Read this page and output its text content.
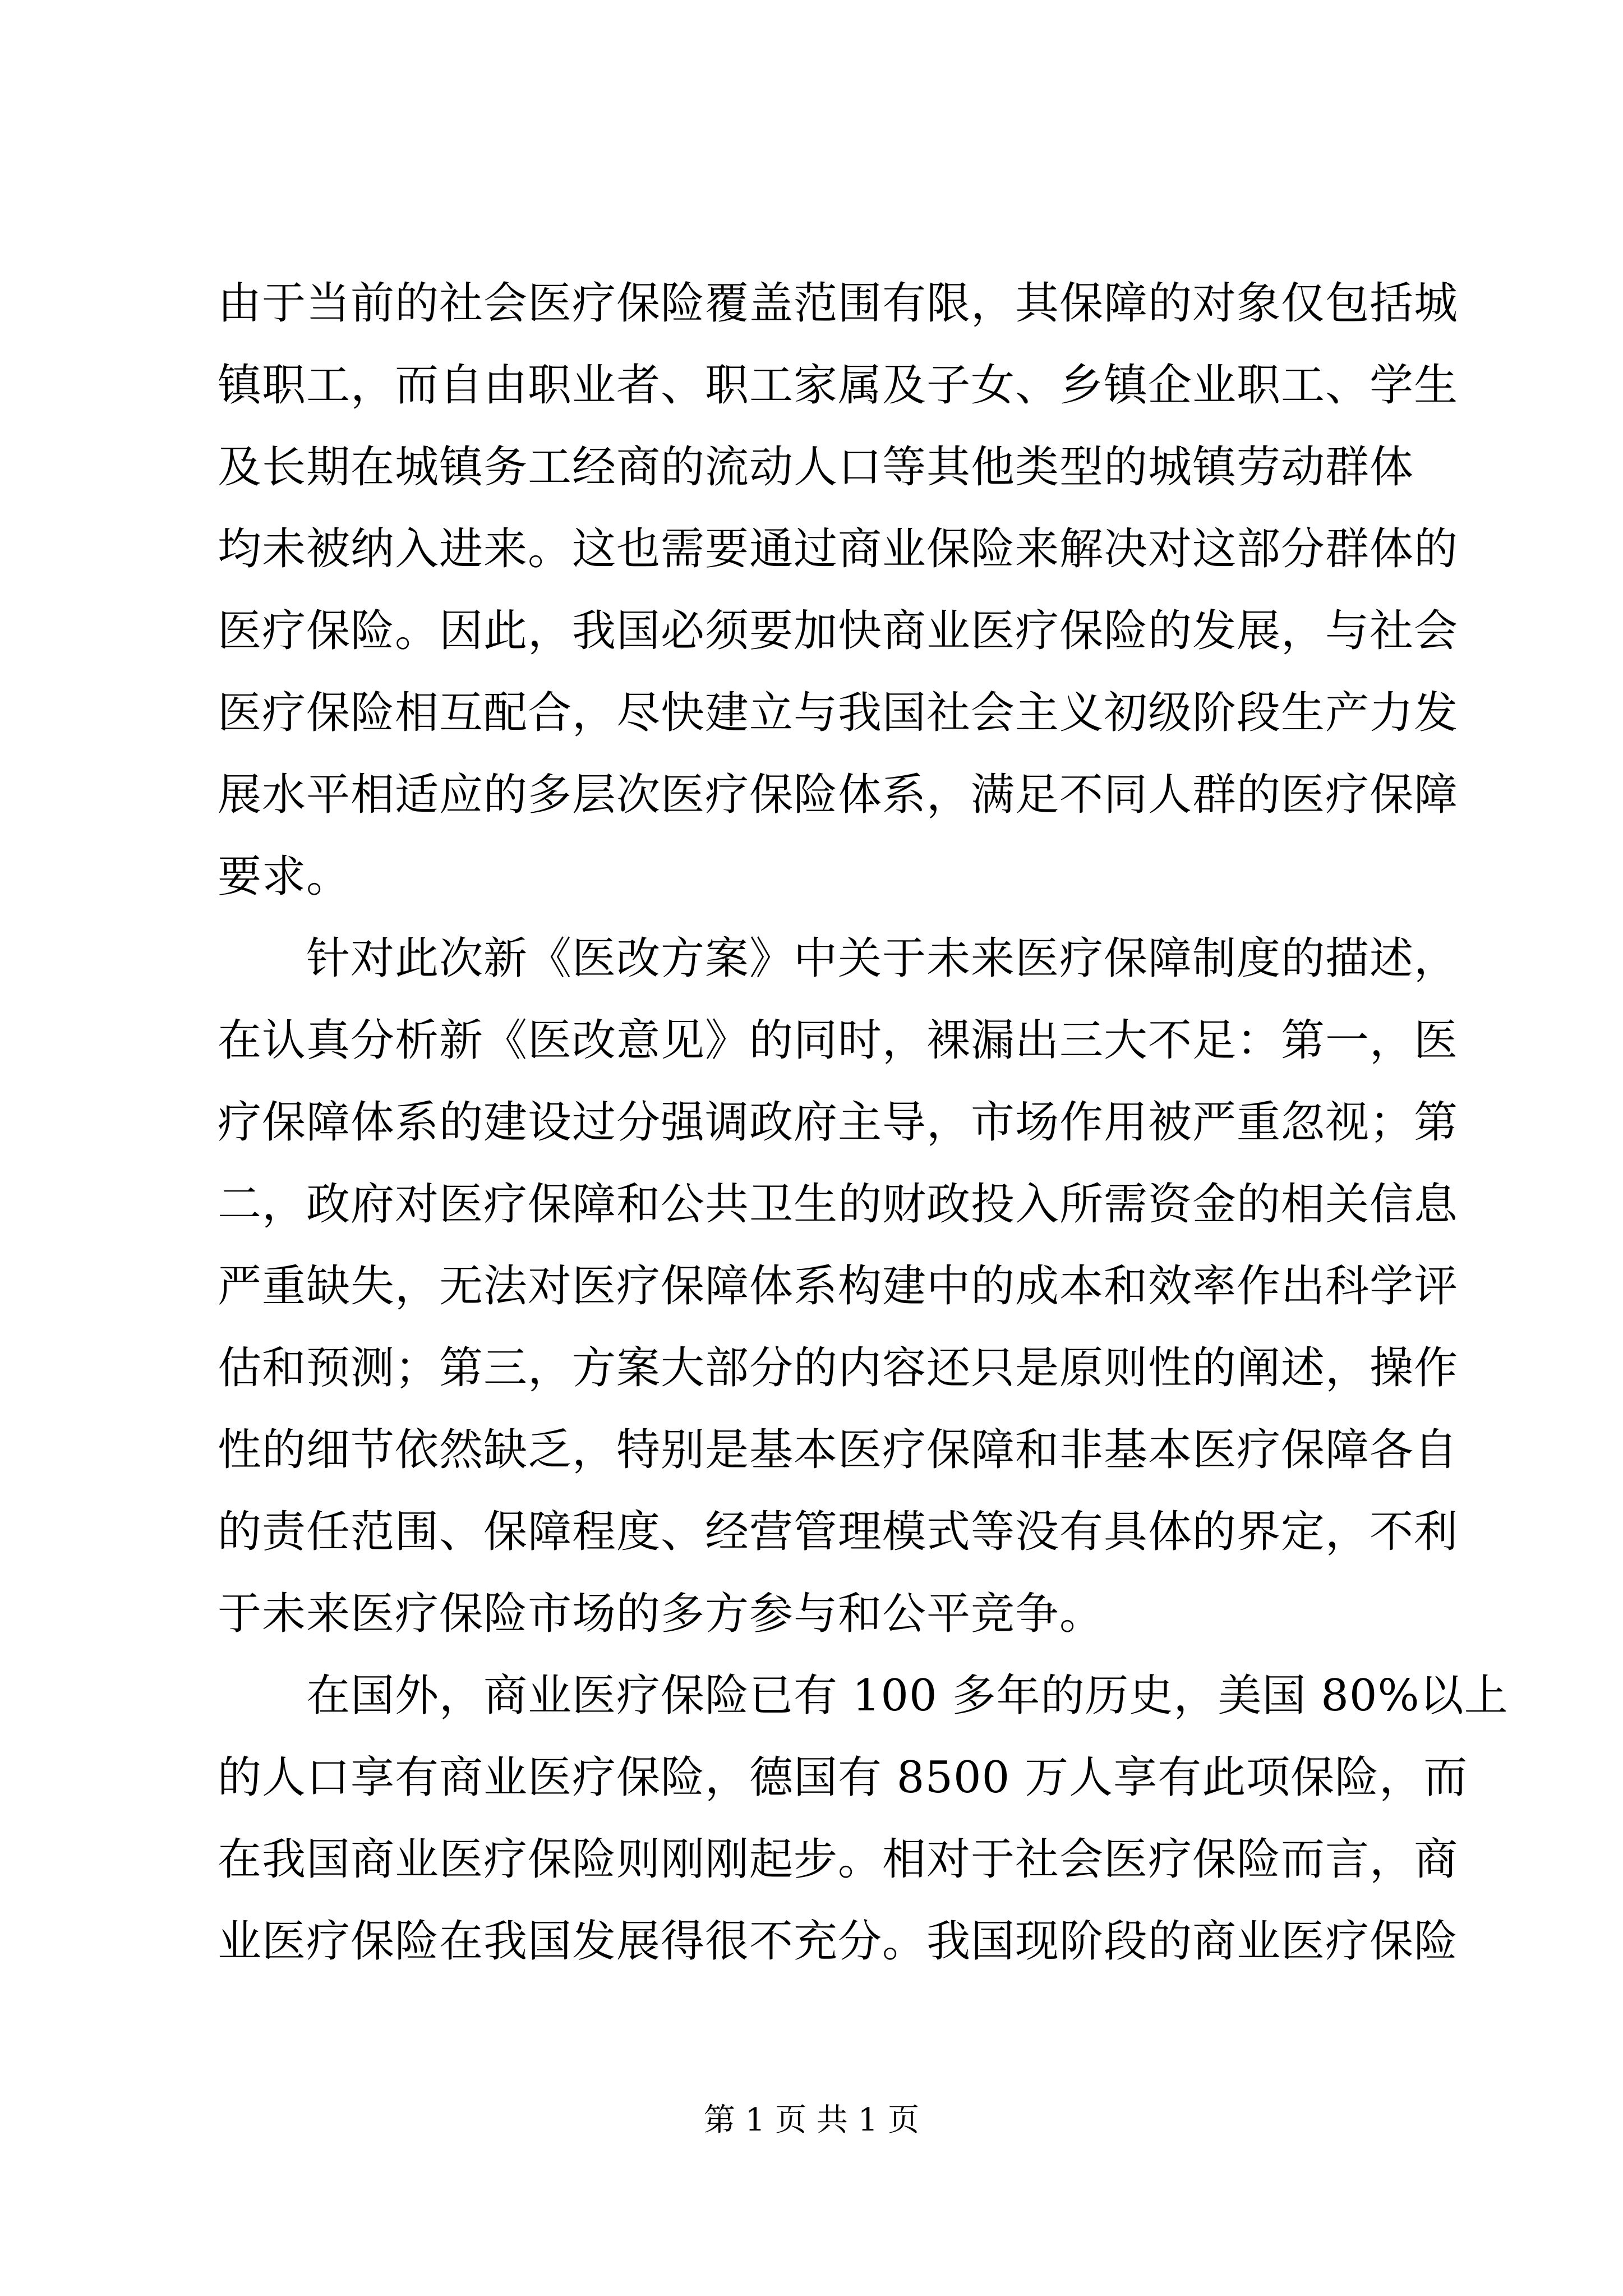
由于当前的社会医疗保险覆盖范围有限，其保障的对象仅包括城
镇职工，而自由职业者、职工家属及子女、乡镇企业职工、学生
及长期在城镇务工经商的流动人口等其他类型的城镇劳动群体
均未被纳入进来。这也需要通过商业保险来解决对这部分群体的
医疗保险。因此，我国必须要加快商业医疗保险的发展，与社会
医疗保险相互配合，尽快建立与我国社会主义初级阶段生产力发
展水平相适应的多层次医疗保险体系，满足不同人群的医疗保障
要求。
　　针对此次新《医改方案》中关于未来医疗保障制度的描述，
在认真分析新《医改意见》的同时，裸漏出三大不足：第一，医
疗保障体系的建设过分强调政府主导，市场作用被严重忽视；第
二，政府对医疗保障和公共卫生的财政投入所需资金的相关信息
严重缺失，无法对医疗保障体系构建中的成本和效率作出科学评
估和预测；第三，方案大部分的内容还只是原则性的阐述，操作
性的细节依然缺乏，特别是基本医疗保障和非基本医疗保障各自
的责任范围、保障程度、经营管理模式等没有具体的界定，不利
于未来医疗保险市场的多方参与和公平竞争。
　　在国外，商业医疗保险已有 100 多年的历史，美国 80%以上
的人口享有商业医疗保险，德国有 8500 万人享有此项保险，而
在我国商业医疗保险则刚刚起步。相对于社会医疗保险而言，商
业医疗保险在我国发展得很不充分。我国现阶段的商业医疗保险
第 1 页 共 1 页
